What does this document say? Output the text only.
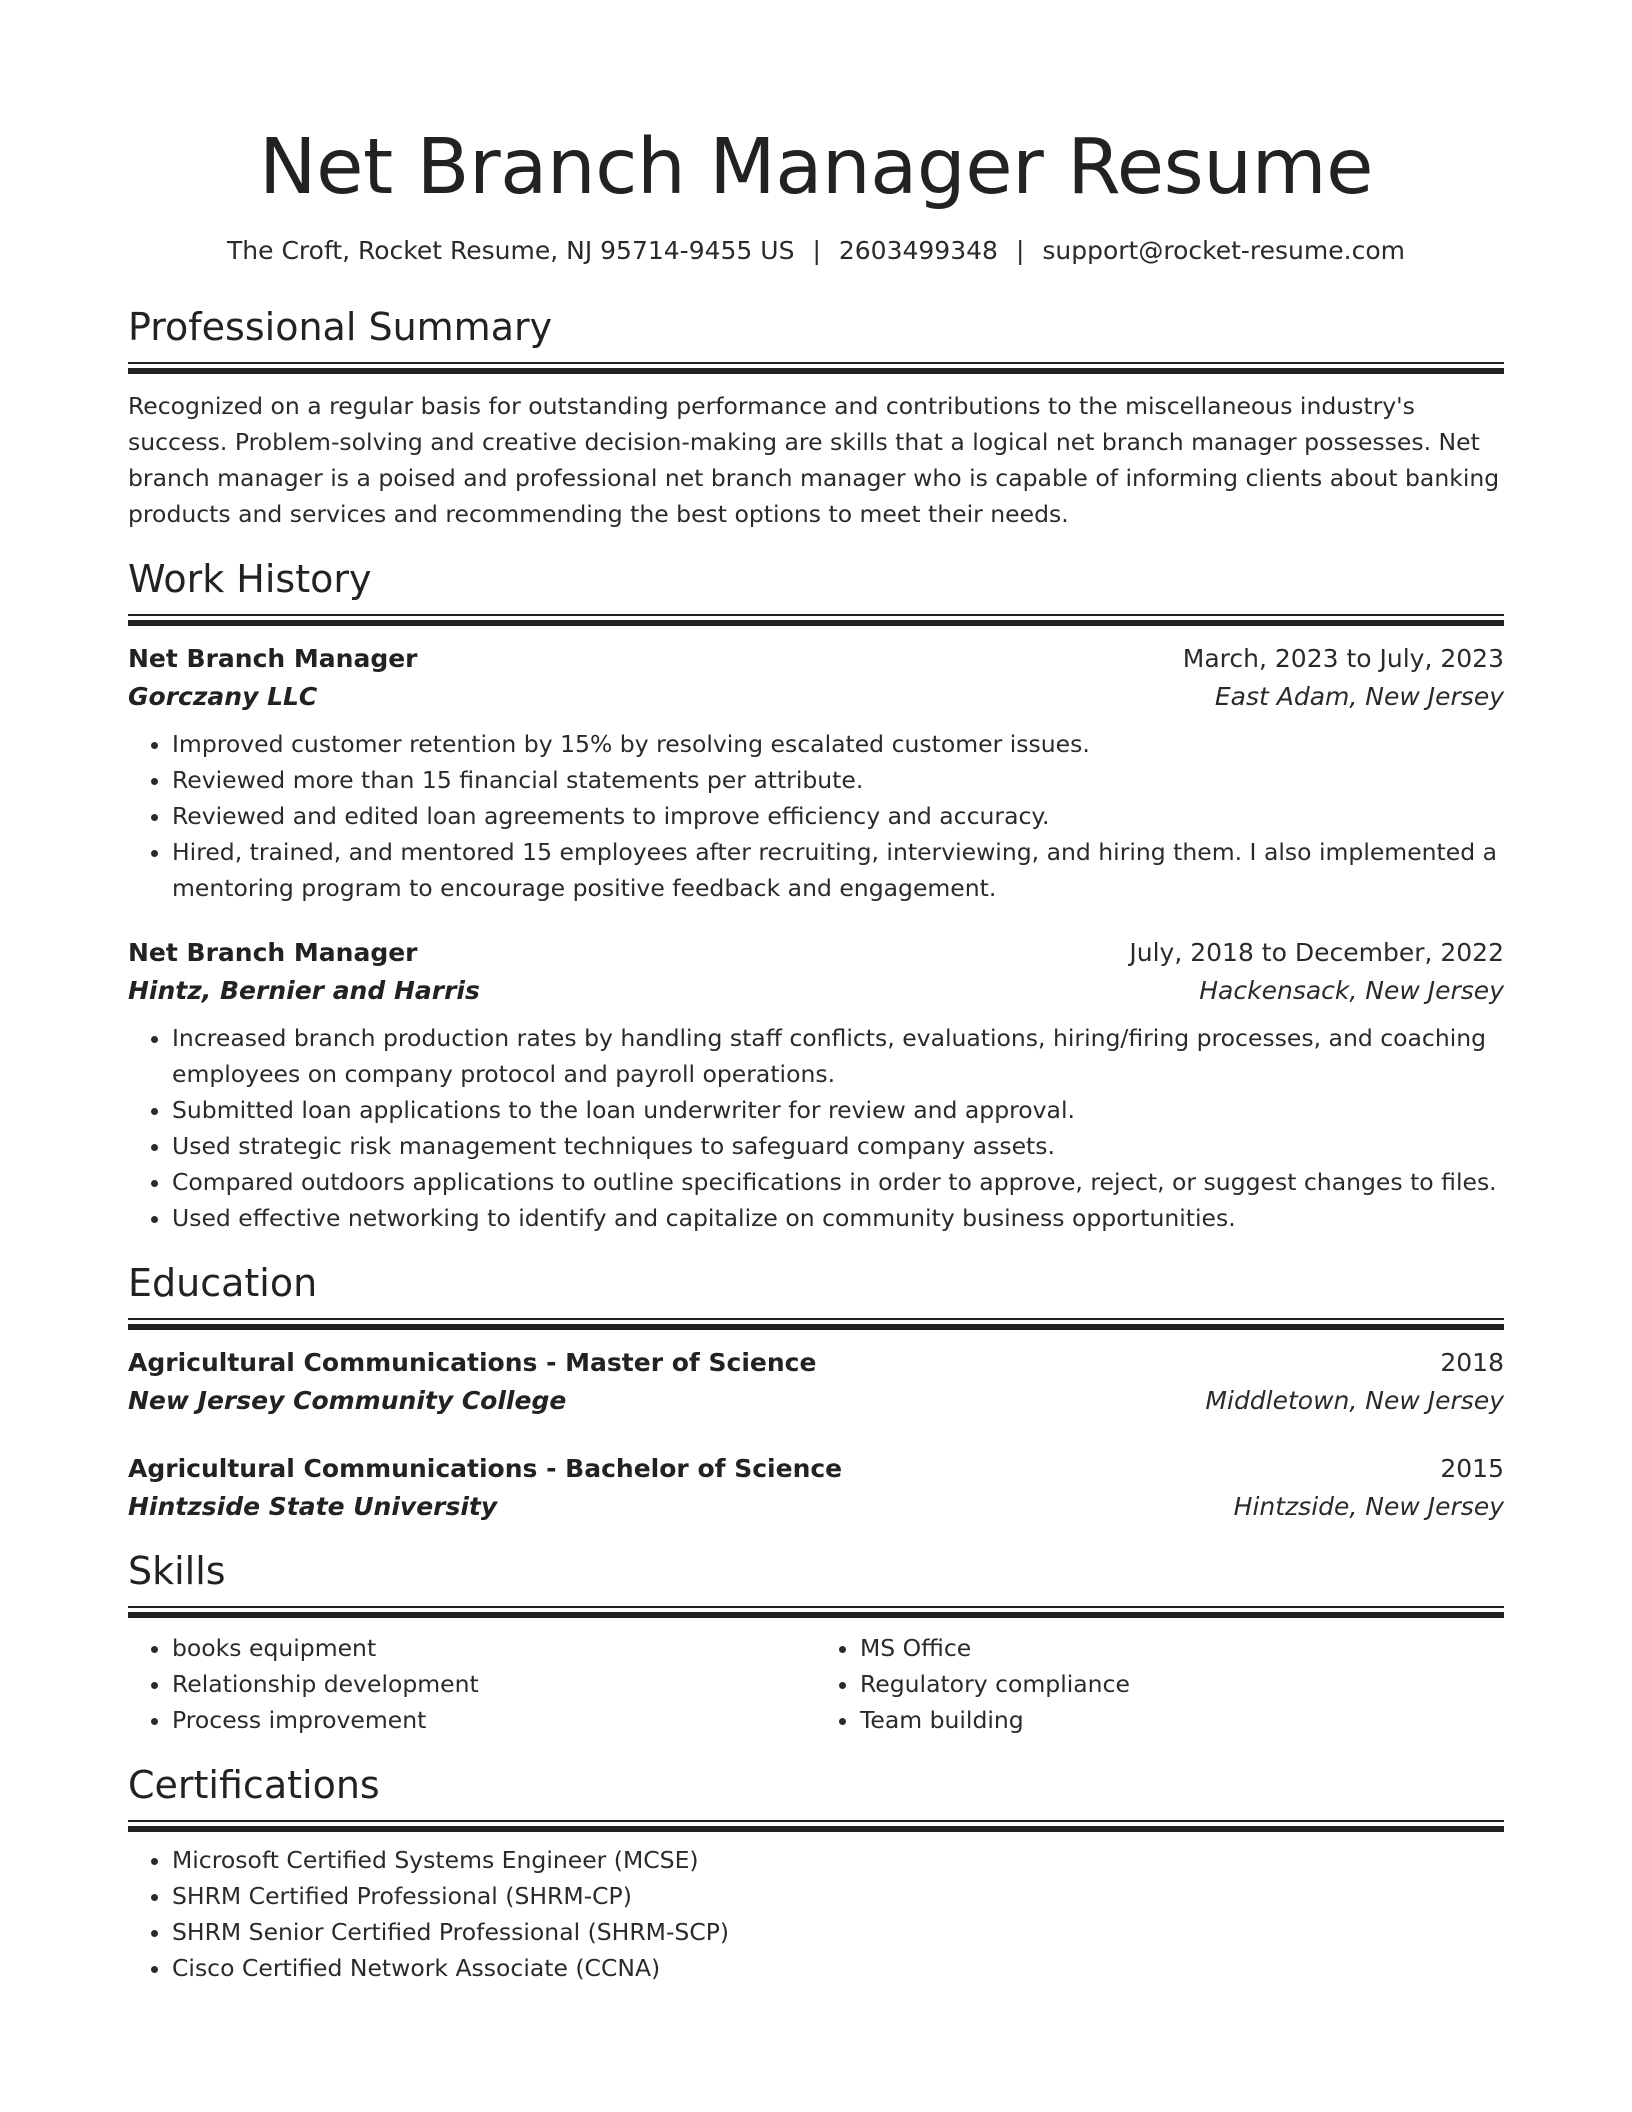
Net Branch Manager Resume
The Croft, Rocket Resume, NJ 95714-9455 US | 2603499348 | support@rocket-resume.com
Professional Summary
Recognized on a regular basis for outstanding performance and contributions to the miscellaneous industry's success. Problem-solving and creative decision-making are skills that a logical net branch manager possesses. Net branch manager is a poised and professional net branch manager who is capable of informing clients about banking products and services and recommending the best options to meet their needs.
Work History
Net Branch Manager	March, 2023 to July, 2023
Gorczany LLC	East Adam, New Jersey
• Improved customer retention by 15% by resolving escalated customer issues.
• Reviewed more than 15 financial statements per attribute.
• Reviewed and edited loan agreements to improve efficiency and accuracy.
• Hired, trained, and mentored 15 employees after recruiting, interviewing, and hiring them. I also implemented a mentoring program to encourage positive feedback and engagement.
Net Branch Manager	July, 2018 to December, 2022
Hintz, Bernier and Harris	Hackensack, New Jersey
• Increased branch production rates by handling staff conflicts, evaluations, hiring/firing processes, and coaching employees on company protocol and payroll operations.
• Submitted loan applications to the loan underwriter for review and approval.
• Used strategic risk management techniques to safeguard company assets.
• Compared outdoors applications to outline specifications in order to approve, reject, or suggest changes to files.
• Used effective networking to identify and capitalize on community business opportunities.
Education
Agricultural Communications - Master of Science	2018
New Jersey Community College	Middletown, New Jersey
Agricultural Communications - Bachelor of Science	2015
Hintzside State University	Hintzside, New Jersey
Skills
• books equipment
• Relationship development
• Process improvement
• MS Office
• Regulatory compliance
• Team building
Certifications
• Microsoft Certified Systems Engineer (MCSE)
• SHRM Certified Professional (SHRM-CP)
• SHRM Senior Certified Professional (SHRM-SCP)
• Cisco Certified Network Associate (CCNA)
